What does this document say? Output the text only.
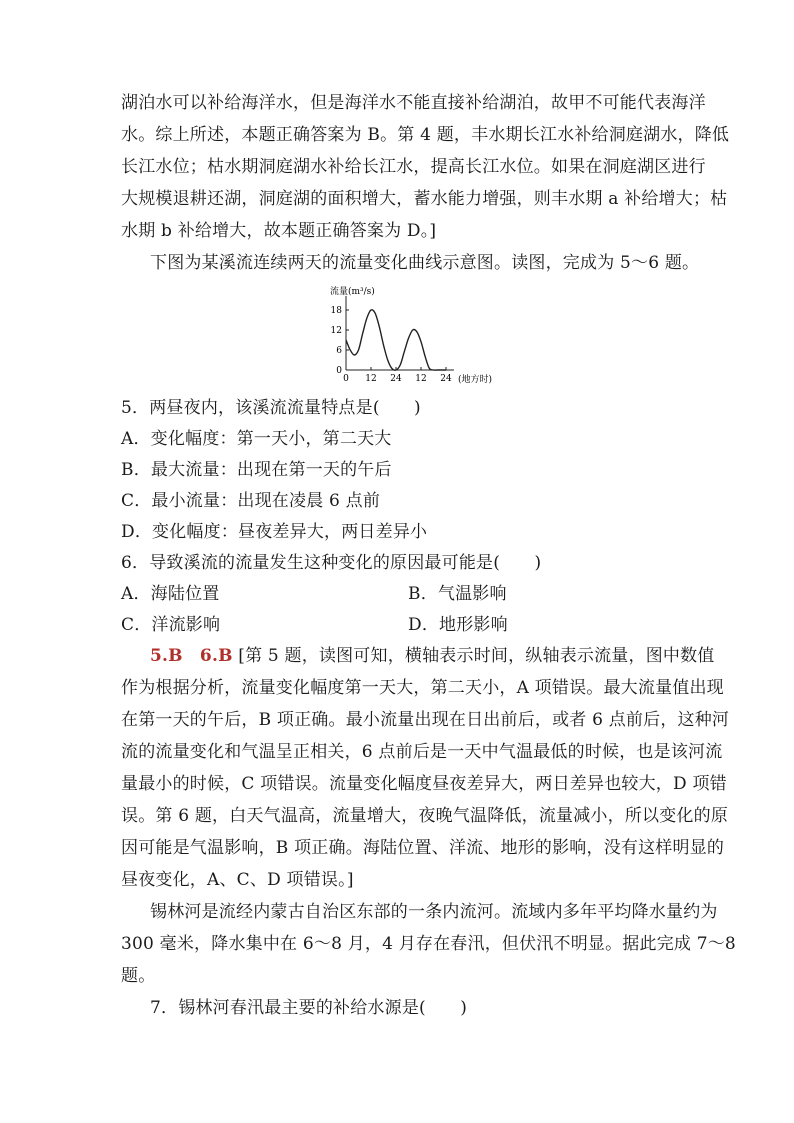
湖泊水可以补给海洋水，但是海洋水不能直接补给湖泊，故甲不可能代表海洋
水。综上所述，本题正确答案为 B。第 4 题，丰水期长江水补给洞庭湖水，降低
长江水位；枯水期洞庭湖水补给长江水，提高长江水位。如果在洞庭湖区进行
大规模退耕还湖，洞庭湖的面积增大，蓄水能力增强，则丰水期 a 补给增大；枯
水期 b 补给增大，故本题正确答案为 D。]
下图为某溪流连续两天的流量变化曲线示意图。读图，完成为 5～6 题。
流量(m³/s)
18
12
6
0
0 12 24 12 24 (地方时)
5．两昼夜内，该溪流流量特点是(　　)
A．变化幅度：第一天小，第二天大
B．最大流量：出现在第一天的午后
C．最小流量：出现在凌晨 6 点前
D．变化幅度：昼夜差异大，两日差异小
6．导致溪流的流量发生这种变化的原因最可能是(　　)
A．海陆位置	B．气温影响
C．洋流影响	D．地形影响
5.B　6.B [第 5 题，读图可知，横轴表示时间，纵轴表示流量，图中数值
作为根据分析，流量变化幅度第一天大，第二天小，A 项错误。最大流量值出现
在第一天的午后，B 项正确。最小流量出现在日出前后，或者 6 点前后，这种河
流的流量变化和气温呈正相关，6 点前后是一天中气温最低的时候，也是该河流
量最小的时候，C 项错误。流量变化幅度昼夜差异大，两日差异也较大，D 项错
误。第 6 题，白天气温高，流量增大，夜晚气温降低，流量减小，所以变化的原
因可能是气温影响，B 项正确。海陆位置、洋流、地形的影响，没有这样明显的
昼夜变化，A、C、D 项错误。]
锡林河是流经内蒙古自治区东部的一条内流河。流域内多年平均降水量约为
300 毫米，降水集中在 6～8 月，4 月存在春汛，但伏汛不明显。据此完成 7～8
题。
7．锡林河春汛最主要的补给水源是(　　)
